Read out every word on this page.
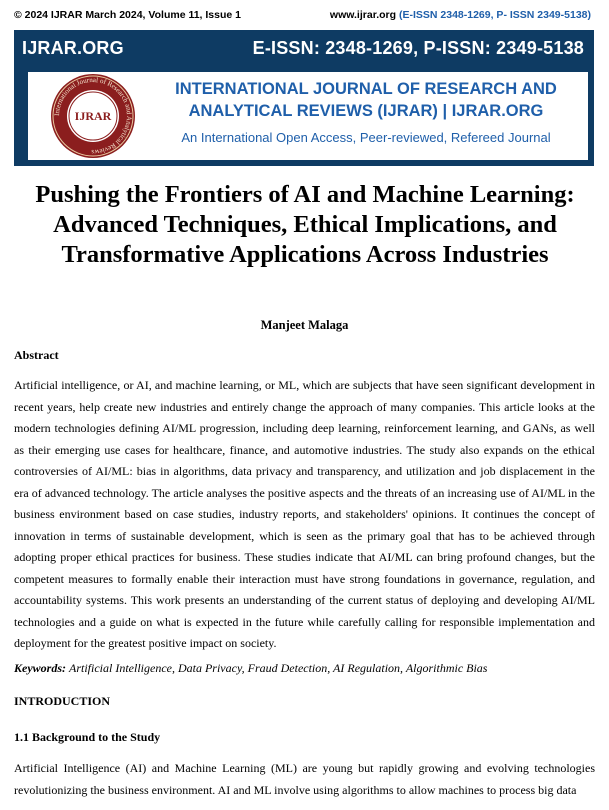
© 2024 IJRAR March 2024, Volume 11, Issue 1	www.ijrar.org (E-ISSN 2348-1269, P- ISSN 2349-5138)
IJRAR.ORG	E-ISSN: 2348-1269, P-ISSN: 2349-5138
International Journal of Research and Analytical Reviews
IJRAR
INTERNATIONAL JOURNAL OF RESEARCH AND
ANALYTICAL REVIEWS (IJRAR) | IJRAR.ORG
An International Open Access, Peer-reviewed, Refereed Journal
Pushing the Frontiers of AI and Machine Learning: Advanced Techniques, Ethical Implications, and Transformative Applications Across Industries
Manjeet Malaga
Abstract
Artificial intelligence, or AI, and machine learning, or ML, which are subjects that have seen significant development in recent years, help create new industries and entirely change the approach of many companies. This article looks at the modern technologies defining AI/ML progression, including deep learning, reinforcement learning, and GANs, as well as their emerging use cases for healthcare, finance, and automotive industries. The study also expands on the ethical controversies of AI/ML: bias in algorithms, data privacy and transparency, and utilization and job displacement in the era of advanced technology. The article analyses the positive aspects and the threats of an increasing use of AI/ML in the business environment based on case studies, industry reports, and stakeholders' opinions. It continues the concept of innovation in terms of sustainable development, which is seen as the primary goal that has to be achieved through adopting proper ethical practices for business. These studies indicate that AI/ML can bring profound changes, but the competent measures to formally enable their interaction must have strong foundations in governance, regulation, and accountability systems. This work presents an understanding of the current status of deploying and developing AI/ML technologies and a guide on what is expected in the future while carefully calling for responsible implementation and deployment for the greatest positive impact on society.
Keywords: Artificial Intelligence, Data Privacy, Fraud Detection, AI Regulation, Algorithmic Bias
INTRODUCTION
1.1 Background to the Study
Artificial Intelligence (AI) and Machine Learning (ML) are young but rapidly growing and evolving technologies revolutionizing the business environment. AI and ML involve using algorithms to allow machines to process big data
